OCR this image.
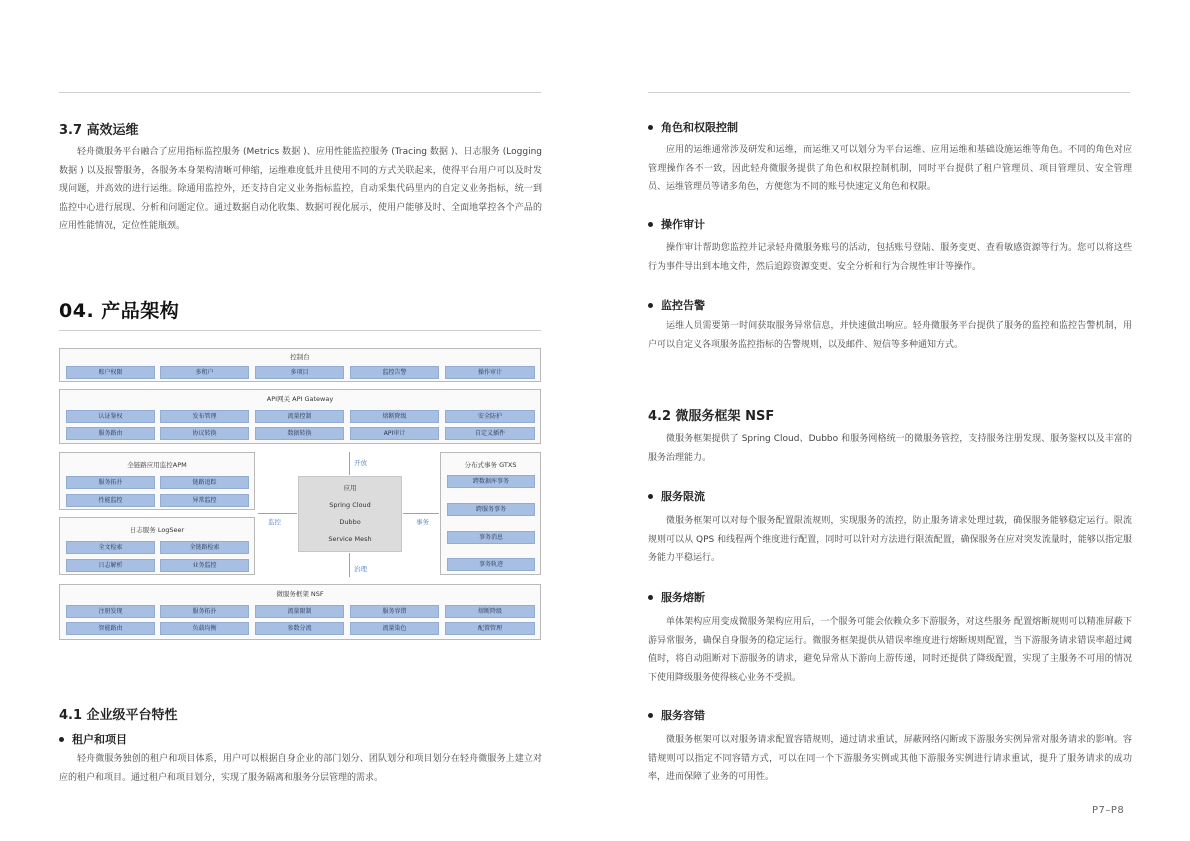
3.7 高效运维
轻舟微服务平台融合了应用指标监控服务 (Metrics 数据 )、应用性能监控服务 (Tracing 数据 )、日志服务 (Logging 数据 ) 以及报警服务，各服务本身架构清晰可伸缩，运维难度低并且使用不同的方式关联起来，使得平台用户可以及时发现问题，并高效的进行运维。除通用监控外，还支持自定义业务指标监控，自动采集代码里内的自定义业务指标，统一到监控中心进行展现、分析和问题定位。通过数据自动化收集、数据可视化展示，使用户能够及时、全面地掌控各个产品的应用性能情况，定位性能瓶颈。
04. 产品架构
控制台
账户权限	多租户	多项目	监控告警	操作审计
API网关 API Gateway
认证鉴权	发布管理	流量控制	熔断降级	安全防护
服务路由	协议转换	数据转换	API审计	自定义插件
全链路应用监控APM
服务拓扑	链路追踪
性能监控	异常监控
日志服务 LogSeer
全文检索	全链路检索
日志解析	业务监控
应用
Spring Cloud
Dubbo
Service Mesh
开放
治理
监控	事务
分布式事务 GTXS
跨数据库事务
跨服务事务
事务消息
事务轨迹
微服务框架 NSF
注册发现	服务拓扑	流量限制	服务容错	熔断降级
智能路由	负载均衡	参数分流	流量染色	配置管理
4.1 企业级平台特性
租户和项目
轻舟微服务独创的租户和项目体系，用户可以根据自身企业的部门划分、团队划分和项目划分在轻舟微服务上建立对应的租户和项目。通过租户和项目划分，实现了服务隔离和服务分层管理的需求。
角色和权限控制
应用的运维通常涉及研发和运维，而运维又可以划分为平台运维、应用运维和基础设施运维等角色。不同的角色对应管理操作各不一致，因此轻舟微服务提供了角色和权限控制机制，同时平台提供了租户管理员、项目管理员、安全管理员、运维管理员等诸多角色，方便您为不同的账号快速定义角色和权限。
操作审计
操作审计帮助您监控并记录轻舟微服务账号的活动，包括账号登陆、服务变更、查看敏感资源等行为。您可以将这些行为事件导出到本地文件，然后追踪资源变更、安全分析和行为合规性审计等操作。
监控告警
运维人员需要第一时间获取服务异常信息，并快速做出响应。轻舟微服务平台提供了服务的监控和监控告警机制，用户可以自定义各项服务监控指标的告警规则，以及邮件、短信等多种通知方式。
4.2 微服务框架 NSF
微服务框架提供了 Spring Cloud、Dubbo 和服务网格统一的微服务管控，支持服务注册发现、服务鉴权以及丰富的服务治理能力。
服务限流
微服务框架可以对每个服务配置限流规则，实现服务的流控，防止服务请求处理过载，确保服务能够稳定运行。限流规则可以从 QPS 和线程两个维度进行配置，同时可以针对方法进行限流配置，确保服务在应对突发流量时，能够以指定服务能力平稳运行。
服务熔断
单体架构应用变成微服务架构应用后，一个服务可能会依赖众多下游服务，对这些服务 配置熔断规则可以精准屏蔽下游异常服务，确保自身服务的稳定运行。微服务框架提供从错误率维度进行熔断规则配置，当下游服务请求错误率超过阈值时，将自动阻断对下游服务的请求，避免异常从下游向上游传递，同时还提供了降级配置，实现了主服务不可用的情况下使用降级服务使得核心业务不受损。
服务容错
微服务框架可以对服务请求配置容错规则，通过请求重试，屏蔽网络闪断或下游服务实例异常对服务请求的影响。容错规则可以指定不同容错方式，可以在同一个下游服务实例或其他下游服务实例进行请求重试，提升了服务请求的成功率，进而保障了业务的可用性。
P7–P8
